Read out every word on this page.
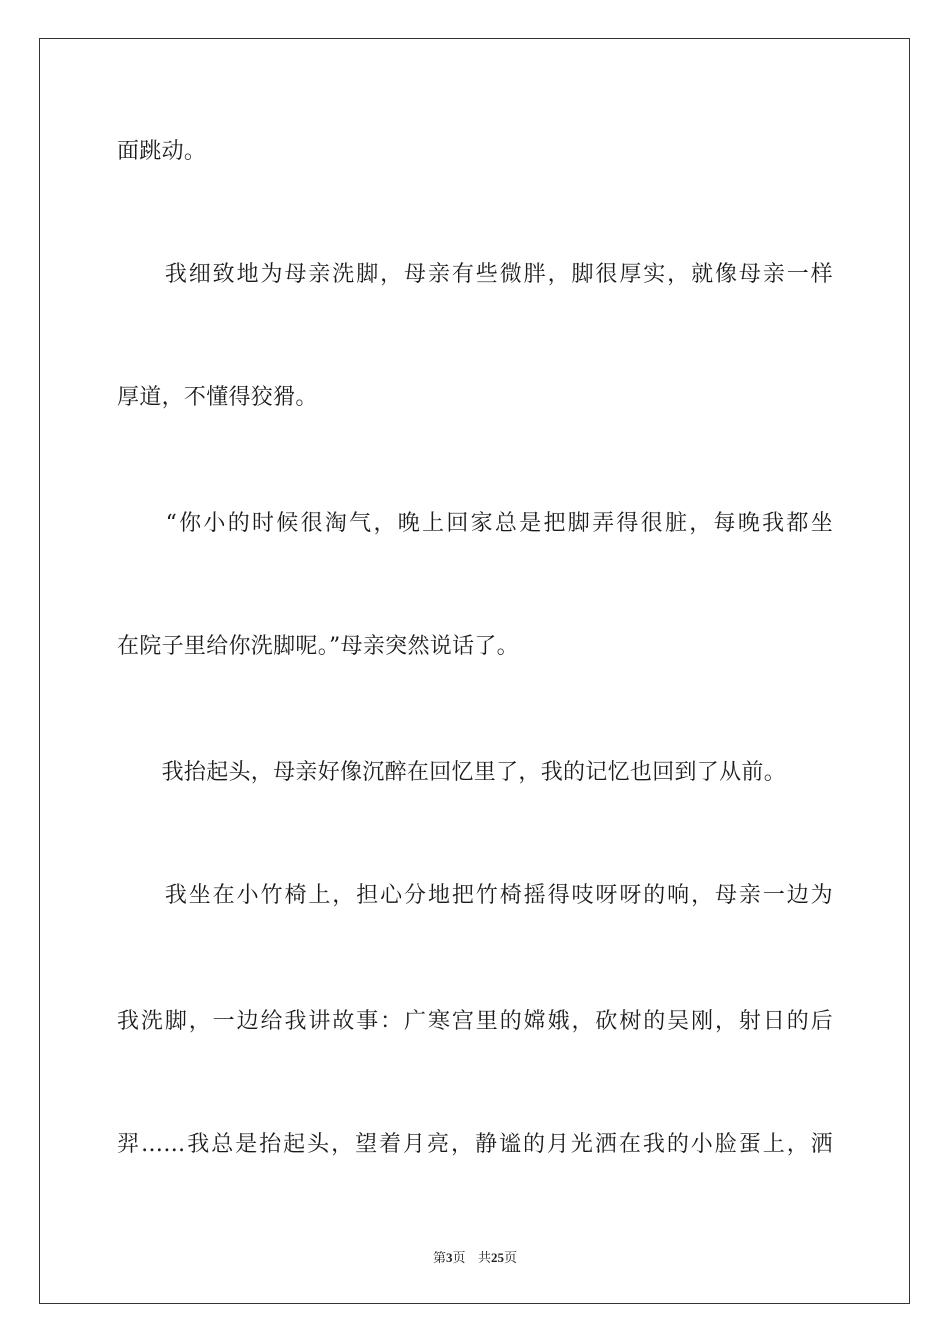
面跳动。
　　我细致地为母亲洗脚，母亲有些微胖，脚很厚实，就像母亲一样
厚道，不懂得狡猾。
　　“你小的时候很淘气，晚上回家总是把脚弄得很脏，每晚我都坐
在院子里给你洗脚呢。”母亲突然说话了。
　　我抬起头，母亲好像沉醉在回忆里了，我的记忆也回到了从前。
　　我坐在小竹椅上，担心分地把竹椅摇得吱呀呀的响，母亲一边为
我洗脚，一边给我讲故事：广寒宫里的嫦娥，砍树的吴刚，射日的后
羿……我总是抬起头，望着月亮，静谧的月光洒在我的小脸蛋上，洒
第3页 共25页
